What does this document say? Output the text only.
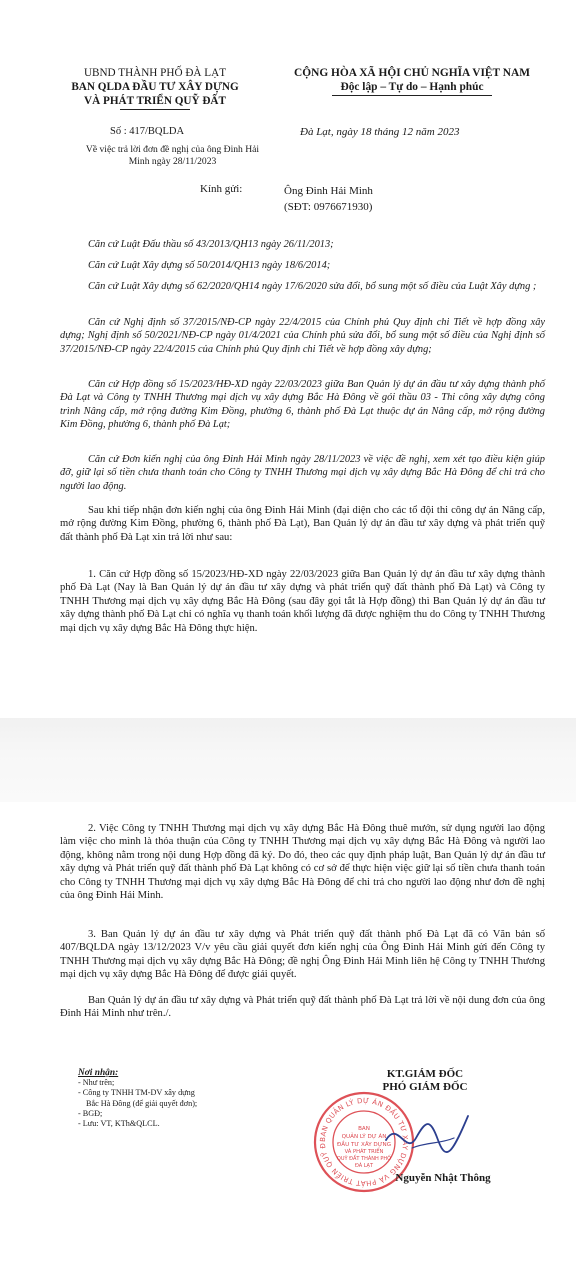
UBND THÀNH PHỐ ĐÀ LẠT
BAN QLDA ĐẦU TƯ XÂY DỰNG
VÀ PHÁT TRIỂN QUỸ ĐẤT
CỘNG HÒA XÃ HỘI CHỦ NGHĨA VIỆT NAM
Độc lập – Tự do – Hạnh phúc
Số : 417/BQLDA
Về việc trả lời đơn đề nghị của ông Đinh Hải Minh ngày 28/11/2023
Đà Lạt, ngày 18 tháng 12 năm 2023
Kính gửi:	Ông Đinh Hải Minh
(SĐT: 0976671930)
Căn cứ Luật Đấu thầu số 43/2013/QH13 ngày 26/11/2013;
Căn cứ Luật Xây dựng số 50/2014/QH13 ngày 18/6/2014;
Căn cứ Luật Xây dựng số 62/2020/QH14 ngày 17/6/2020 sửa đổi, bổ sung một số điều của Luật Xây dựng ;
Căn cứ Nghị định số 37/2015/NĐ-CP ngày 22/4/2015 của Chính phủ Quy định chi Tiết về hợp đồng xây dựng; Nghị định số 50/2021/NĐ-CP ngày 01/4/2021 của Chính phủ sửa đổi, bổ sung một số điều của Nghị định số 37/2015/NĐ-CP ngày 22/4/2015 của Chính phủ Quy định chi Tiết về hợp đồng xây dựng;
Căn cứ Hợp đồng số 15/2023/HĐ-XD ngày 22/03/2023 giữa Ban Quản lý dự án đầu tư xây dựng thành phố Đà Lạt và Công ty TNHH Thương mại dịch vụ xây dựng Bắc Hà Đông về gói thầu 03 - Thi công xây dựng công trình Nâng cấp, mở rộng đường Kim Đồng, phường 6, thành phố Đà Lạt thuộc dự án Nâng cấp, mở rộng đường Kim Đồng, phường 6, thành phố Đà Lạt;
Căn cứ Đơn kiến nghị của ông Đinh Hải Minh ngày 28/11/2023 về việc đề nghị, xem xét tạo điều kiện giúp đỡ, giữ lại số tiền chưa thanh toán cho Công ty TNHH Thương mại dịch vụ xây dựng Bắc Hà Đông để chi trả cho người lao động.
Sau khi tiếp nhận đơn kiến nghị của ông Đinh Hải Minh (đại diện cho các tổ đội thi công dự án Nâng cấp, mở rộng đường Kim Đồng, phường 6, thành phố Đà Lạt), Ban Quản lý dự án đầu tư xây dựng và phát triển quỹ đất thành phố Đà Lạt xin trả lời như sau:
1. Căn cứ Hợp đồng số 15/2023/HĐ-XD ngày 22/03/2023 giữa Ban Quản lý dự án đầu tư xây dựng thành phố Đà Lạt (Nay là Ban Quản lý dự án đầu tư xây dựng và phát triển quỹ đất thành phố Đà Lạt) và Công ty TNHH Thương mại dịch vụ xây dựng Bắc Hà Đông (sau đây gọi tắt là Hợp đồng) thì Ban Quản lý dự án đầu tư xây dựng thành phố Đà Lạt chỉ có nghĩa vụ thanh toán khối lượng đã được nghiệm thu do Công ty TNHH Thương mại dịch vụ xây dựng Bắc Hà Đông thực hiện.
2. Việc Công ty TNHH Thương mại dịch vụ xây dựng Bắc Hà Đông thuê mướn, sử dụng người lao động làm việc cho mình là thỏa thuận của Công ty TNHH Thương mại dịch vụ xây dựng Bắc Hà Đông và người lao động, không nằm trong nội dung Hợp đồng đã ký. Do đó, theo các quy định pháp luật, Ban Quản lý dự án đầu tư xây dựng và Phát triển quỹ đất thành phố Đà Lạt không có cơ sở để thực hiện việc giữ lại số tiền chưa thanh toán cho Công ty TNHH Thương mại dịch vụ xây dựng Bắc Hà Đông để chi trả cho người lao động như đơn đề nghị của ông Đinh Hải Minh.
3. Ban Quản lý dự án đầu tư xây dựng và Phát triển quỹ đất thành phố Đà Lạt đã có Văn bản số 407/BQLDA ngày 13/12/2023 V/v yêu cầu giải quyết đơn kiến nghị của Ông Đinh Hải Minh gửi đến Công ty TNHH Thương mại dịch vụ xây dựng Bắc Hà Đông; đề nghị Ông Đinh Hải Minh liên hệ Công ty TNHH Thương mại dịch vụ xây dựng Bắc Hà Đông để được giải quyết.
Ban Quản lý dự án đầu tư xây dựng và Phát triển quỹ đất thành phố Đà Lạt trả lời về nội dung đơn của ông Đinh Hải Minh như trên./.
Nơi nhận:
- Như trên;
- Công ty TNHH TM-DV xây dựng
Bắc Hà Đông (để giải quyết đơn);
- BGĐ;
- Lưu: VT, KTh&QLCL.
KT.GIÁM ĐỐC
PHÓ GIÁM ĐỐC
BAN QUẢN LÝ DỰ ÁN ĐẦU TƯ XÂY DỰNG VÀ PHÁT TRIỂN QUỸ Đ
BAN
QUẢN LÝ DỰ ÁN
ĐẦU TƯ XÂY DỰNG
VÀ PHÁT TRIỂN
QUỸ ĐẤT THÀNH PHỐ
ĐÀ LẠT
Nguyễn Nhật Thông
